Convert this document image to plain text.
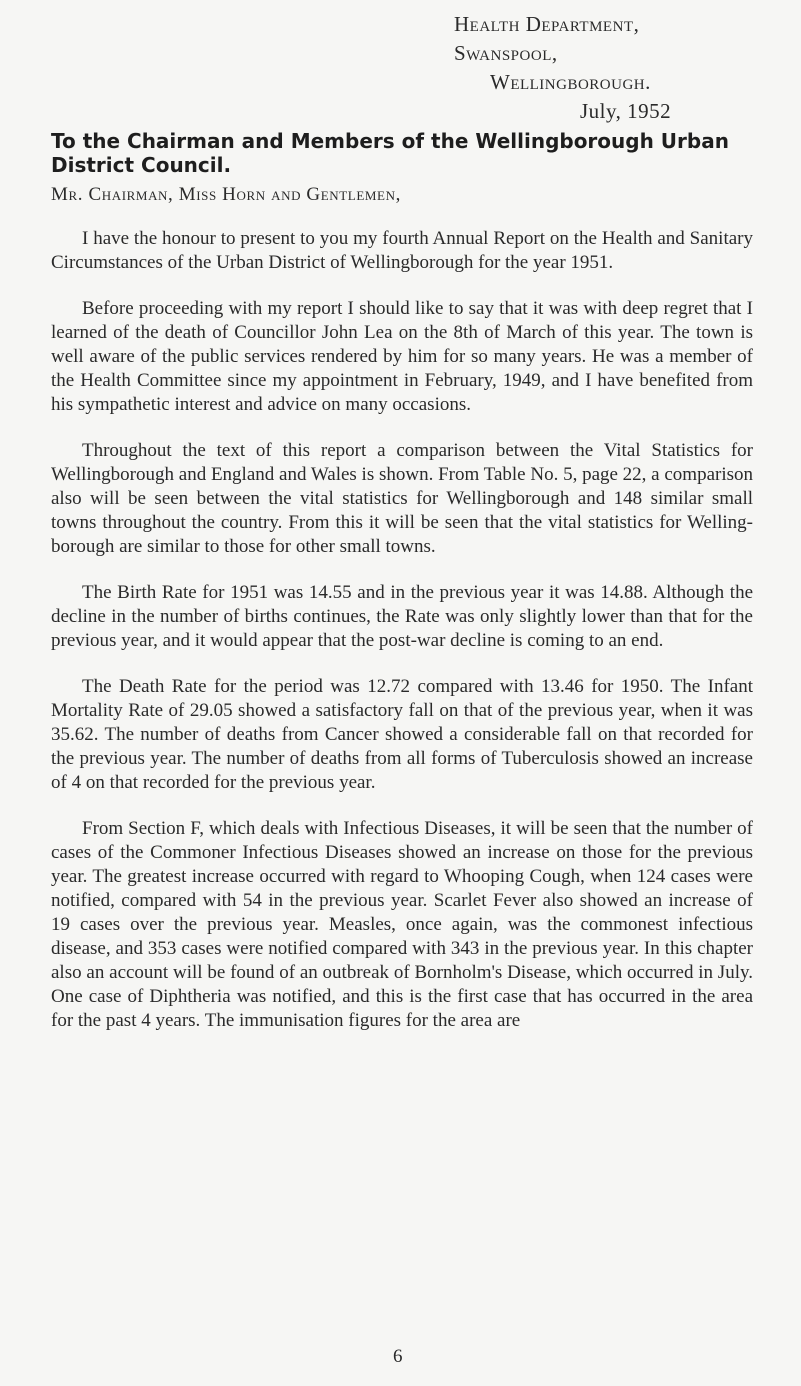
Health Department,
Swanspool,
Wellingborough.
July, 1952
To the Chairman and Members of the Wellingborough Urban District Council.
Mr. Chairman, Miss Horn and Gentlemen,

I have the honour to present to you my fourth Annual Report on the Health and Sanitary Circumstances of the Urban District of Wellingborough for the year 1951.

Before proceeding with my report I should like to say that it was with deep regret that I learned of the death of Councillor John Lea on the 8th of March of this year. The town is well aware of the public services rendered by him for so many years. He was a member of the Health Committee since my appointment in February, 1949, and I have benefited from his sympathetic interest and advice on many occasions.

Throughout the text of this report a comparison between the Vital Statistics for Wellingborough and England and Wales is shown. From Table No. 5, page 22, a comparison also will be seen between the vital statistics for Wellingborough and 148 similar small towns throughout the country. From this it will be seen that the vital statistics for Wellingborough are similar to those for other small towns.

The Birth Rate for 1951 was 14.55 and in the previous year it was 14.88. Although the decline in the number of births continues, the Rate was only slightly lower than that for the previous year, and it would appear that the post-war decline is coming to an end.

The Death Rate for the period was 12.72 compared with 13.46 for 1950. The Infant Mortality Rate of 29.05 showed a satisfactory fall on that of the previous year, when it was 35.62. The number of deaths from Cancer showed a considerable fall on that recorded for the previous year. The number of deaths from all forms of Tuberculosis showed an increase of 4 on that recorded for the previous year.

From Section F, which deals with Infectious Diseases, it will be seen that the number of cases of the Commoner Infectious Diseases showed an increase on those for the previous year. The greatest increase occurred with regard to Whooping Cough, when 124 cases were notified, compared with 54 in the previous year. Scarlet Fever also showed an increase of 19 cases over the previous year. Measles, once again, was the commonest infectious disease, and 353 cases were notified compared with 343 in the previous year. In this chapter also an account will be found of an outbreak of Bornholm's Disease, which occurred in July. One case of Diphtheria was notified, and this is the first case that has occurred in the area for the past 4 years. The immunisation figures for the area are

6
